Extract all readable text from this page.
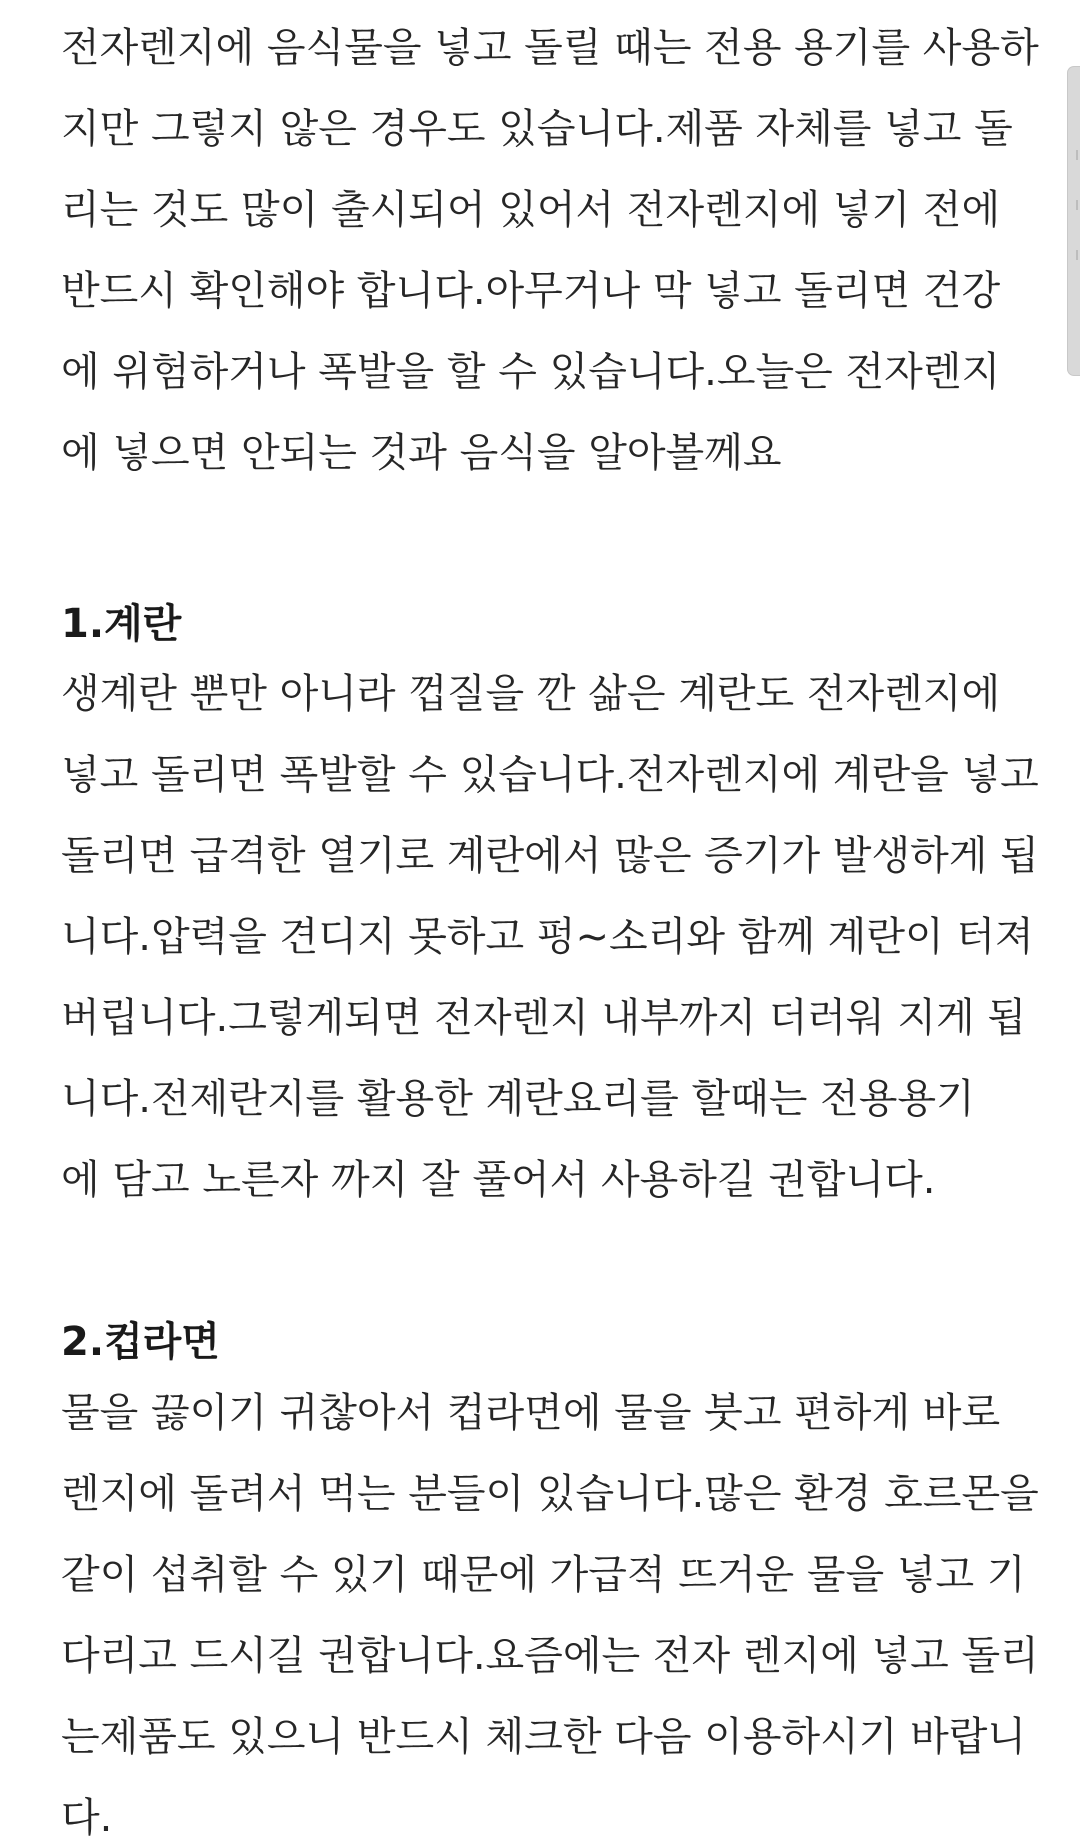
전자렌지에 음식물을 넣고 돌릴 때는 전용 용기를 사용하
지만 그렇지 않은 경우도 있습니다.제품 자체를 넣고 돌
리는 것도 많이 출시되어 있어서 전자렌지에 넣기 전에
반드시 확인해야 합니다.아무거나 막 넣고 돌리면 건강
에 위험하거나 폭발을 할 수 있습니다.오늘은 전자렌지
에 넣으면 안되는 것과 음식을 알아볼께요
1.계란
생계란 뿐만 아니라 껍질을 깐 삶은 계란도 전자렌지에
넣고 돌리면 폭발할 수 있습니다.전자렌지에 계란을 넣고
돌리면 급격한 열기로 계란에서 많은 증기가 발생하게 됩
니다.압력을 견디지 못하고 펑~소리와 함께 계란이 터져
버립니다.그렇게되면 전자렌지 내부까지 더러워 지게 됩
니다.전제란지를 활용한 계란요리를 할때는 전용용기
에 담고 노른자 까지 잘 풀어서 사용하길 권합니다.
2.컵라면
물을 끓이기 귀찮아서 컵라면에 물을 붓고 편하게 바로
렌지에 돌려서 먹는 분들이 있습니다.많은 환경 호르몬을
같이 섭취할 수 있기 때문에 가급적 뜨거운 물을 넣고 기
다리고 드시길 권합니다.요즘에는 전자 렌지에 넣고 돌리
는제품도 있으니 반드시 체크한 다음 이용하시기 바랍니
다.
